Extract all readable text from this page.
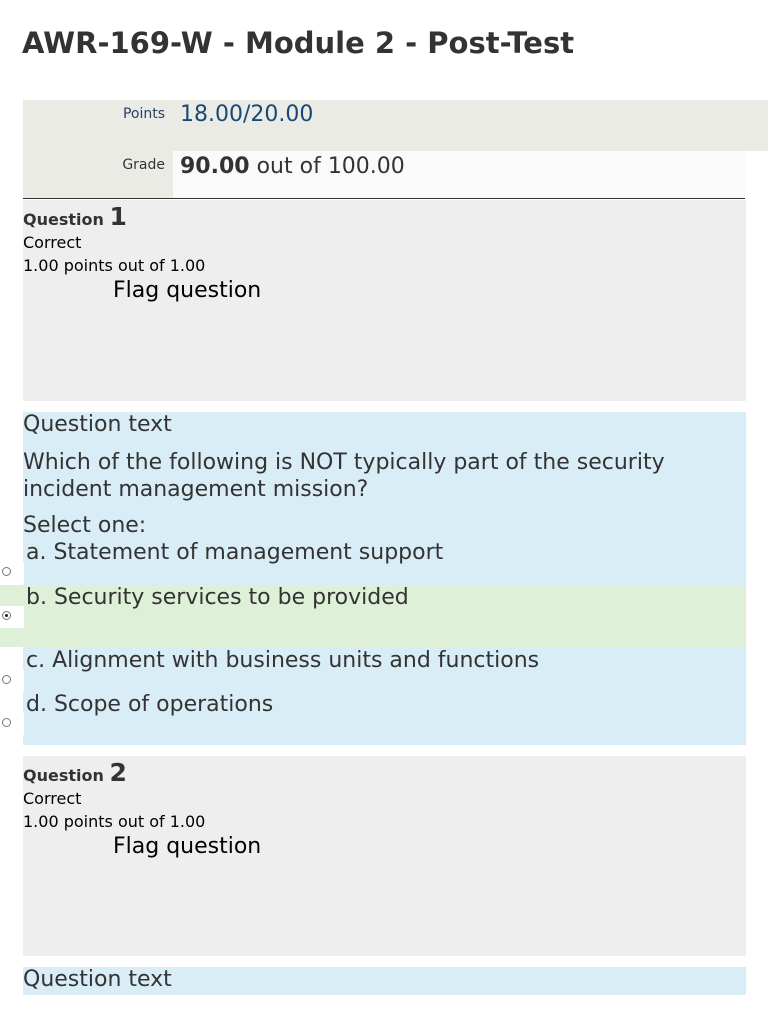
AWR-169-W - Module 2 - Post-Test
Points 18.00/20.00
Grade 90.00 out of 100.00
Question 1
Correct
1.00 points out of 1.00
Flag question
Question text
Which of the following is NOT typically part of the security incident management mission?
Select one:
a. Statement of management support
b. Security services to be provided
c. Alignment with business units and functions
d. Scope of operations
Question 2
Correct
1.00 points out of 1.00
Flag question
Question text
